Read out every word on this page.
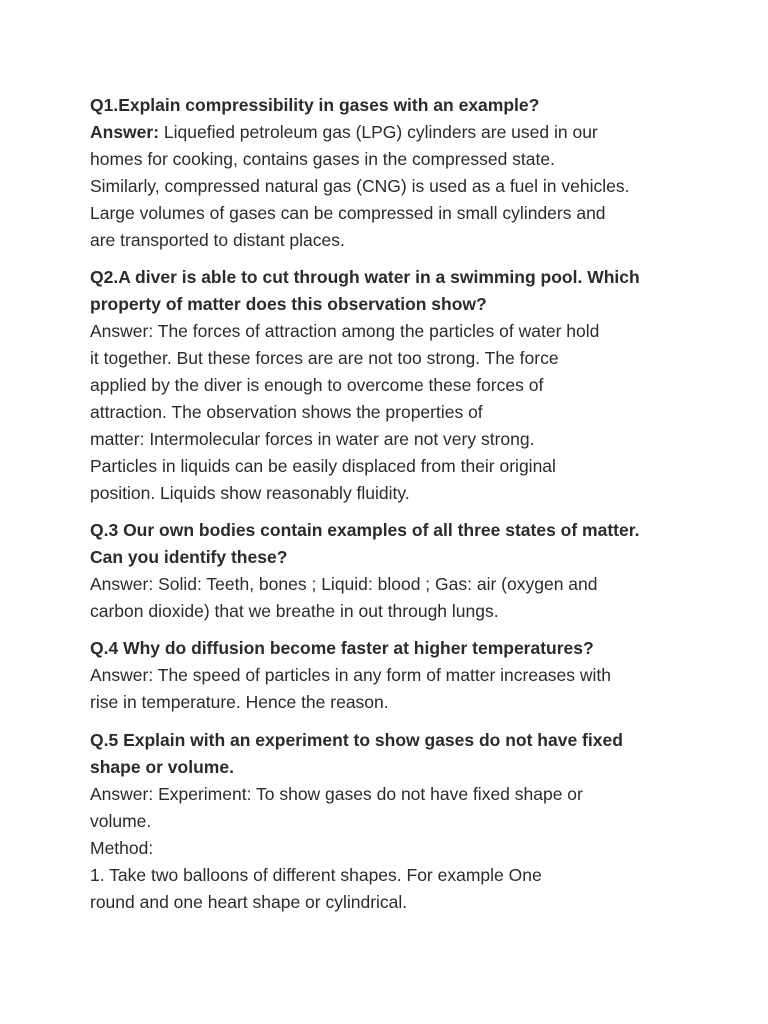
Q1.Explain compressibility in gases with an example?
Answer: Liquefied petroleum gas (LPG) cylinders are used in our
homes for cooking, contains gases in the compressed state.
Similarly, compressed natural gas (CNG) is used as a fuel in vehicles.
Large volumes of gases can be compressed in small cylinders and
are transported to distant places.
Q2.A diver is able to cut through water in a swimming pool. Which
property of matter does this observation show?
Answer: The forces of attraction among the particles of water hold
it together. But these forces are are not too strong. The force
applied by the diver is enough to overcome these forces of
attraction. The observation shows the properties of
matter: Intermolecular forces in water are not very strong.
Particles in liquids can be easily displaced from their original
position. Liquids show reasonably fluidity.
Q.3 Our own bodies contain examples of all three states of matter.
Can you identify these?
Answer: Solid: Teeth, bones ; Liquid: blood ; Gas: air (oxygen and
carbon dioxide) that we breathe in out through lungs.
Q.4 Why do diffusion become faster at higher temperatures?
Answer: The speed of particles in any form of matter increases with
rise in temperature. Hence the reason.
Q.5 Explain with an experiment to show gases do not have fixed
shape or volume.
Answer: Experiment: To show gases do not have fixed shape or
volume.
Method:
1. Take two balloons of different shapes. For example One
round and one heart shape or cylindrical.
